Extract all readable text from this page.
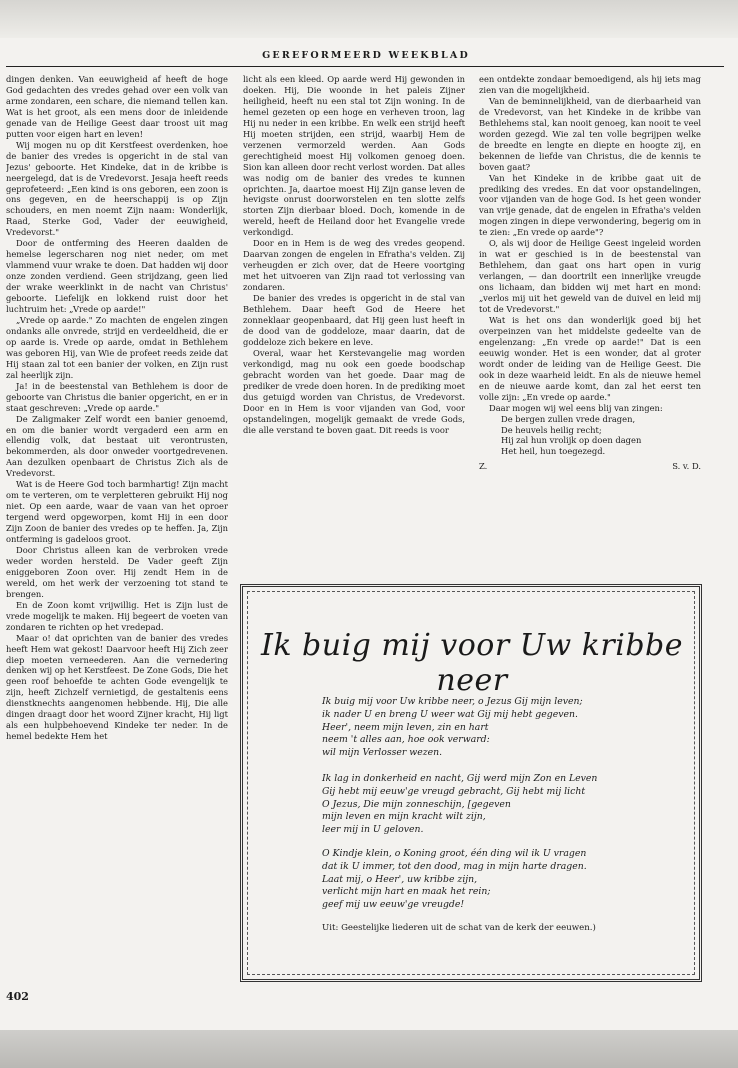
GEREFORMEERD WEEKBLAD

dingen denken. Van eeuwigheid af heeft de hoge God gedachten des vredes gehad over een volk van arme zondaren, een schare, die niemand tellen kan. Wat is het groot, als een mens door de inleidende genade van de Heilige Geest daar troost uit mag putten voor eigen hart en leven!

Wij mogen nu op dit Kerstfeest overdenken, hoe de banier des vredes is opgericht in de stal van Jezus' geboorte. Het Kindeke, dat in de kribbe is neergelegd, dat is de Vredevorst. Jesaja heeft reeds geprofeteerd: „Een kind is ons geboren, een zoon is ons gegeven, en de heerschappij is op Zijn schouders, en men noemt Zijn naam: Wonderlijk, Raad, Sterke God, Vader der eeuwigheid, Vredevorst."

Door de ontferming des Heeren daalden de hemelse legerscharen nog niet neder, om met vlammend vuur wrake te doen. Dat hadden wij door onze zonden verdiend. Geen strijdzang, geen lied der wrake weerklinkt in de nacht van Christus' geboorte. Liefelijk en lokkend ruist door het luchtruim het: „Vrede op aarde!"

„Vrede op aarde." Zo machten de engelen zingen ondanks alle onvrede, strijd en verdeeldheid, die er op aarde is. Vrede op aarde, omdat in Bethlehem was geboren Hij, van Wie de profeet reeds zeide dat Hij staan zal tot een banier der volken, en Zijn rust zal heerlijk zijn.

Ja! in de beestenstal van Bethlehem is door de geboorte van Christus die banier opgericht, en er in staat geschreven: „Vrede op aarde."

De Zaligmaker Zelf wordt een banier genoemd, en om die banier wordt vergaderd een arm en ellendig volk, dat bestaat uit verontrusten, bekommerden, als door onweder voortgedrevenen. Aan dezulken openbaart de Christus Zich als de Vredevorst.

Wat is de Heere God toch barmhartig! Zijn macht om te verteren, om te verpletteren gebruikt Hij nog niet. Op een aarde, waar de vaan van het oproer tergend werd opgeworpen, komt Hij in een door Zijn Zoon de banier des vredes op te heffen. Ja, Zijn ontferming is gadeloos groot.

Door Christus alleen kan de verbroken vrede weder worden hersteld. De Vader geeft Zijn eniggeboren Zoon over. Hij zendt Hem in de wereld, om het werk der verzoening tot stand te brengen.

En de Zoon komt vrijwillig. Het is Zijn lust de vrede mogelijk te maken. Hij begeert de voeten van zondaren te richten op het vredepad.

Maar o! dat oprichten van de banier des vredes heeft Hem wat gekost! Daarvoor heeft Hij Zich zeer diep moeten verneederen. Aan die vernedering denken wij op het Kerstfeest. De Zone Gods, Die het geen roof behoefde te achten Gode evengelijk te zijn, heeft Zichzelf vernietigd, de gestaltenis eens dienstknechts aangenomen hebbende. Hij, Die alle dingen draagt door het woord Zijner kracht, Hij ligt als een hulpbehoevend Kindeke ter neder. In de hemel bedekte Hem het

licht als een kleed. Op aarde werd Hij gewonden in doeken. Hij, Die woonde in het paleis Zijner heiligheid, heeft nu een stal tot Zijn woning. In de hemel gezeten op een hoge en verheven troon, lag Hij nu neder in een kribbe. En welk een strijd heeft Hij moeten strijden, een strijd, waarbij Hem de verzenen vermorzeld werden. Aan Gods gerechtigheid moest Hij volkomen genoeg doen. Sion kan alleen door recht verlost worden. Dat alles was nodig om de banier des vredes te kunnen oprichten. Ja, daartoe moest Hij Zijn ganse leven de hevigste onrust doorworstelen en ten slotte zelfs storten Zijn dierbaar bloed. Doch, komende in de wereld, heeft de Heiland door het Evangelie vrede verkondigd.

Door en in Hem is de weg des vredes geopend. Daarvan zongen de engelen in Efratha's velden. Zij verheugden er zich over, dat de Heere voortging met het uitvoeren van Zijn raad tot verlossing van zondaren.

De banier des vredes is opgericht in de stal van Bethlehem. Daar heeft God de Heere het zonneklaar geopenbaard, dat Hij geen lust heeft in de dood van de goddeloze, maar daarin, dat de goddeloze zich bekere en leve.

Overal, waar het Kerstevangelie mag worden verkondigd, mag nu ook een goede boodschap gebracht worden van het goede. Daar mag de prediker de vrede doen horen. In de prediking moet dus getuigd worden van Christus, de Vredevorst. Door en in Hem is voor vijanden van God, voor opstandelingen, mogelijk gemaakt de vrede Gods, die alle verstand te boven gaat. Dit reeds is voor

een ontdekte zondaar bemoedigend, als hij iets mag zien van die mogelijkheid.

Van de beminnelijkheid, van de dierbaarheid van de Vredevorst, van het Kindeke in de kribbe van Bethlehems stal, kan nooit genoeg, kan nooit te veel worden gezegd. Wie zal ten volle begrijpen welke de breedte en lengte en diepte en hoogte zij, en bekennen de liefde van Christus, die de kennis te boven gaat?

Van het Kindeke in de kribbe gaat uit de prediking des vredes. En dat voor opstandelingen, voor vijanden van de hoge God. Is het geen wonder van vrije genade, dat de engelen in Efratha's velden mogen zingen in diepe verwondering, begerig om in te zien: „En vrede op aarde"?

O, als wij door de Heilige Geest ingeleid worden in wat er geschied is in de beestenstal van Bethlehem, dan gaat ons hart open in vurig verlangen, — dan doortrilt een innerlijke vreugde ons lichaam, dan bidden wij met hart en mond: „verlos mij uit het geweld van de duivel en leid mij tot de Vredevorst."

Wat is het ons dan wonderlijk goed bij het overpeinzen van het middelste gedeelte van de engelenzang: „En vrede op aarde!" Dat is een eeuwig wonder. Het is een wonder, dat al groter wordt onder de leiding van de Heilige Geest. Die ook in deze waarheid leidt. En als de nieuwe hemel en de nieuwe aarde komt, dan zal het eerst ten volle zijn: „En vrede op aarde."

Daar mogen wij wel eens blij van zingen:

De bergen zullen vrede dragen,
De heuvels heilig recht;
Hij zal hun vrolijk op doen dagen
Het heil, hun toegezegd.
Z.	S. v. D.
Ik buig mij voor Uw kribbe neer
Ik buig mij voor Uw kribbe neer, o Jezus Gij mijn leven;
ik nader U en breng U weer wat Gij mij hebt gegeven.
Heer', neem mijn leven, zin en hart
neem 't alles aan, hoe ook verward:
wil mijn Verlosser wezen.
Ik lag in donkerheid en nacht, Gij werd mijn Zon en Leven
Gij hebt mij eeuw'ge vreugd gebracht, Gij hebt mij licht
O Jezus, Die mijn zonneschijn, [gegeven
mijn leven en mijn kracht wilt zijn,
leer mij in U geloven.
O Kindje klein, o Koning groot, één ding wil ik U vragen
dat ik U immer, tot den dood, mag in mijn harte dragen.
Laat mij, o Heer', uw kribbe zijn,
verlicht mijn hart en maak het rein;
geef mij uw eeuw'ge vreugde!
Uit: Geestelijke liederen uit de schat van de kerk der eeuwen.)
402
